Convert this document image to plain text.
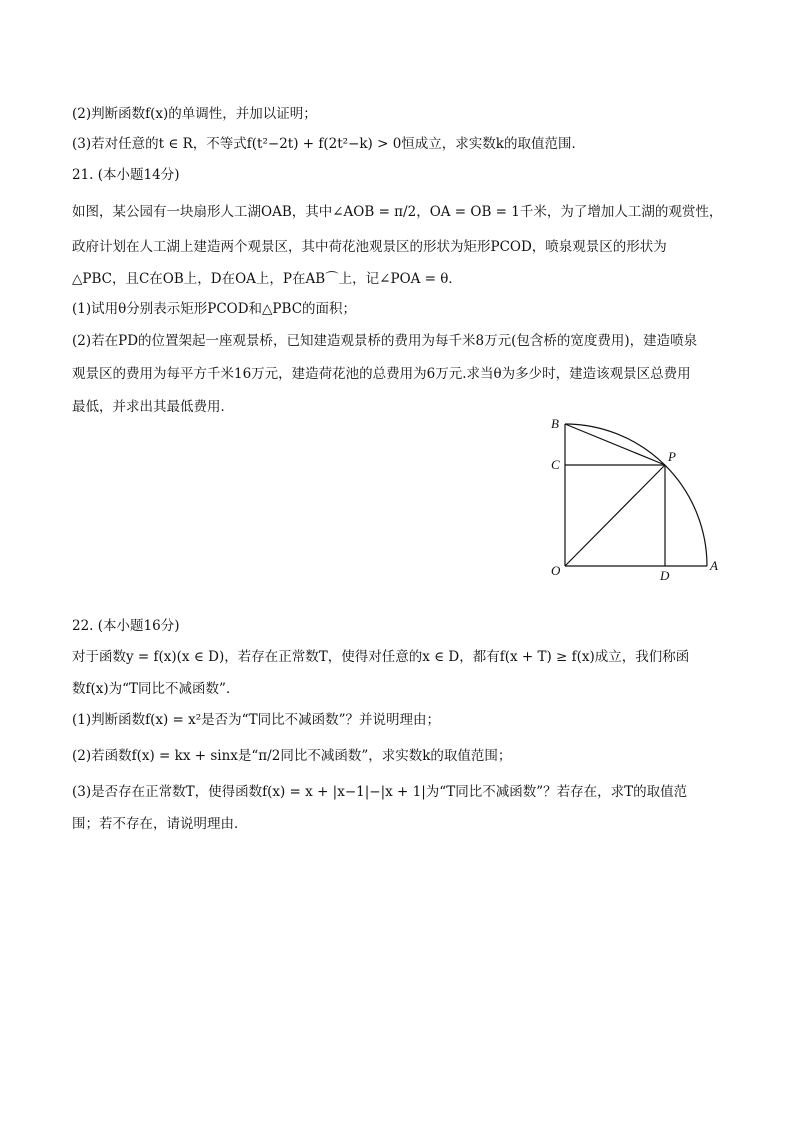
(2)判断函数f(x)的单调性，并加以证明；
(3)若对任意的t ∈ R，不等式f(t²−2t) + f(2t²−k) > 0恒成立，求实数k的取值范围．
21. (本小题14分)
如图，某公园有一块扇形人工湖OAB，其中∠AOB = π/2，OA = OB = 1千米，为了增加人工湖的观赏性，
政府计划在人工湖上建造两个观景区，其中荷花池观景区的形状为矩形PCOD，喷泉观景区的形状为
△PBC，且C在OB上，D在OA上，P在AB⌒上，记∠POA = θ．
(1)试用θ分别表示矩形PCOD和△PBC的面积；
(2)若在PD的位置架起一座观景桥，已知建造观景桥的费用为每千米8万元(包含桥的宽度费用)，建造喷泉
观景区的费用为每平方千米16万元，建造荷花池的总费用为6万元.求当θ为多少时，建造该观景区总费用
最低，并求出其最低费用．
B
C
P
O	D
A
22. (本小题16分)
对于函数y = f(x)(x ∈ D)，若存在正常数T，使得对任意的x ∈ D，都有f(x + T) ≥ f(x)成立，我们称函
数f(x)为“T同比不减函数”．
(1)判断函数f(x) = x²是否为“T同比不减函数”？并说明理由；
(2)若函数f(x) = kx + sinx是“π/2同比不减函数”，求实数k的取值范围；
(3)是否存在正常数T，使得函数f(x) = x + |x−1|−|x + 1|为“T同比不减函数”？若存在，求T的取值范
围；若不存在，请说明理由．
